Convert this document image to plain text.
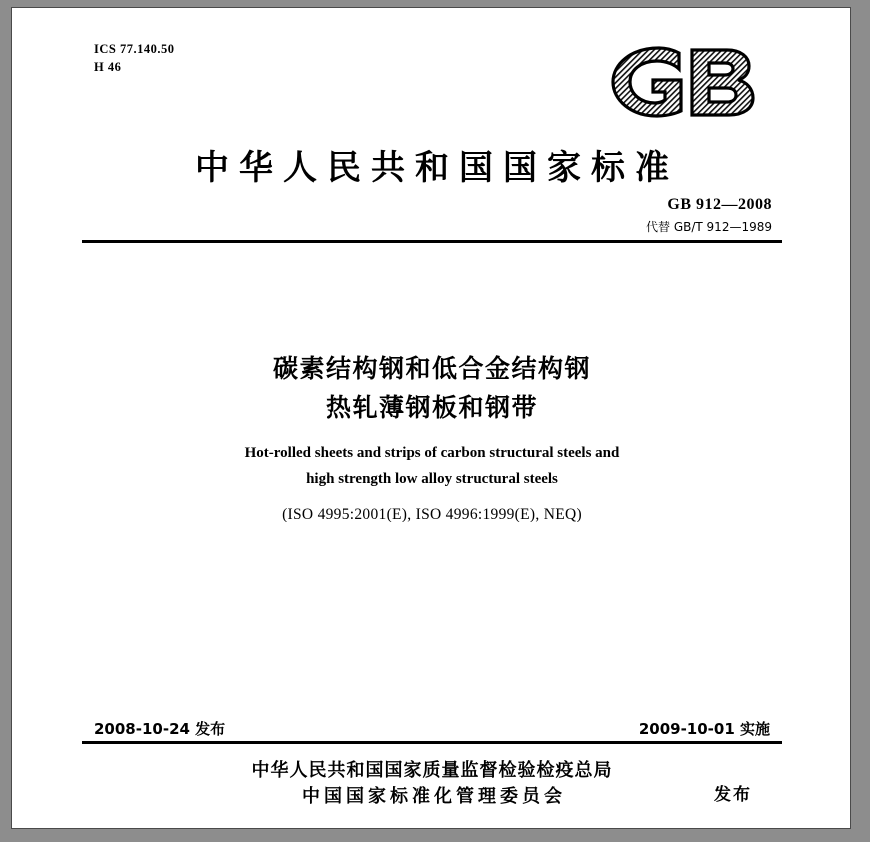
ICS 77.140.50
H 46
中华人民共和国国家标准
GB 912—2008
代替 GB/T 912—1989
碳素结构钢和低合金结构钢
热轧薄钢板和钢带
Hot-rolled sheets and strips of carbon structural steels and
high strength low alloy structural steels
(ISO 4995:2001(E), ISO 4996:1999(E), NEQ)
2008-10-24 发布	2009-10-01 实施
中华人民共和国国家质量监督检验检疫总局
中国国家标准化管理委员会	发布
